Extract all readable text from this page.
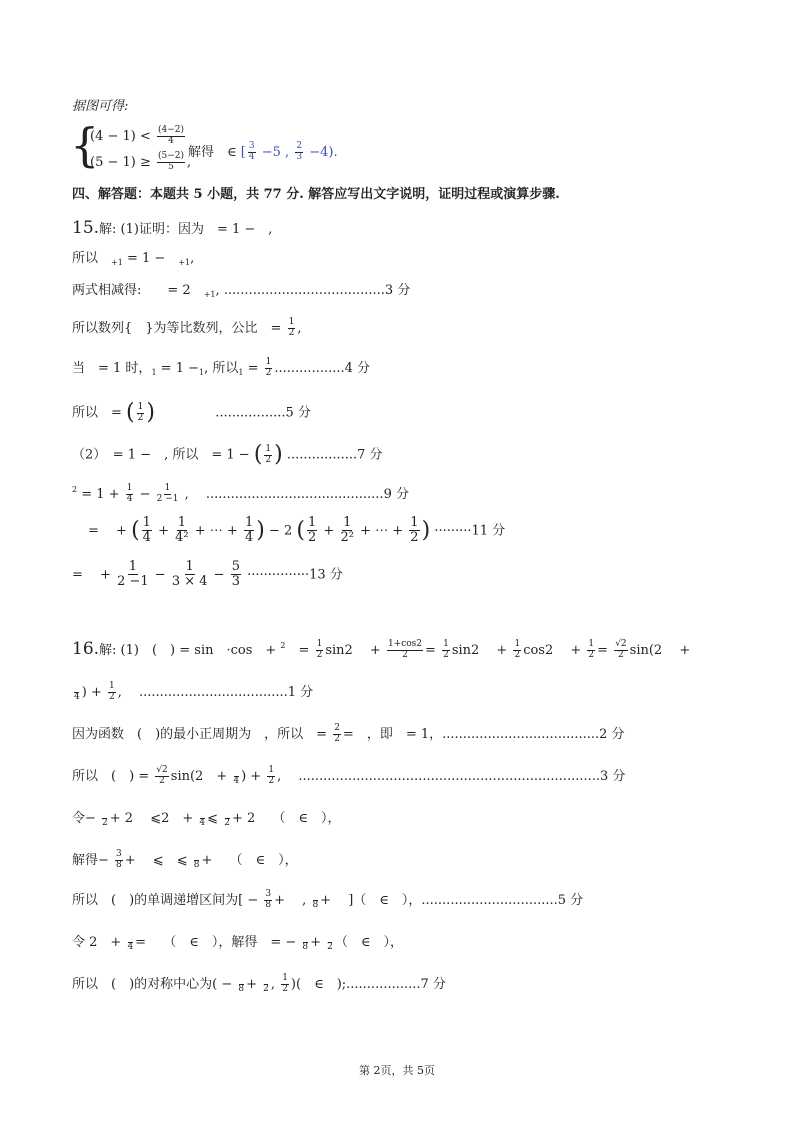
据图可得:
{
$(4 - 1) < \frac{(4-2)}{4}$
$(5 - 1) \ge \frac{(5-2)}{5}$ ,
解得　 ∈ [ $\frac{3}{4} -5$ , $\frac{2}{3} -4$).
四、解答题：本题共 5 小题，共 77 分. 解答应写出文字说明，证明过程或演算步骤.
15.解: (1)证明：因为　= 1 −　,
所以　 $_{+1}$ = 1 −　 $_{+1}$,
两式相减得:　　= 2　 $_{+1}$, .......................................3 分
所以数列{　}为等比数列，公比　= $\frac{1}{2}$ ,
当　= 1 时，$_1 = 1 -_1$, 所以$_1 = \frac{1}{2} .................4$ 分
所以　= ( $\frac{1}{2}$ ) 　　　　	.................5 分
（2）　= 1 −　, 所以　= 1 − ( $\frac{1}{2}$ ) .................7 分
$^2 = 1 + \frac{1}{4} - \frac{1}{2 -1}$ ,　 ...........................................9 分
=　 + ( $\frac{1}{4} + \frac{1}{\text{4²}}$ + ⋯ + $\frac{1}{4}$ ) − 2 ( $\frac{1}{2} + \frac{1}{\text{2²}}$ + ⋯ + $\frac{1}{2}$ ) ·········11 分
=　 + $\frac{1}{2 -1} - \frac{1}{3 \times 4} - \frac{5}{3} \cdot\cdot\cdot\cdot\cdot\cdot\cdot\cdot\cdot\cdot\cdot\cdot\cdot\cdot\cdot 13$ 分
16.解: (1)　(　) = sin　·cos　+ $^2$　 = $\frac{1}{2} \sin 2$　 + $\frac{1+\cos 2}{2} = \frac{1}{2} \sin 2$　 + $\frac{1}{2} \cos 2$　 + $\frac{1}{2} = \frac{√2}{2} \sin(2$　 +

4 ) + $\frac{1}{2}$ ,　 ....................................1 分
因为函数　(　)的最小正周期为　，所以　= $\frac{2}{2}$ =　，即　= 1，......................................2 分
所以　(　) = $\frac{√2}{2} \sin(2$　+
4 ) + $\frac{1}{2}$ ,　 .........................................................................3 分
令−
2 + 2　 ⩽2　+
4 ⩽
2 + 2　 （　∈　），
解得− $\frac{3}{8}$ +　 ⩽　⩽
8 +　 （　∈　），
所以　(　)的单调递增区间为[ − $\frac{3}{8}$ +　 ,
8 +　 ]（　∈　），.................................5 分
令 2　+
4 =　 （　∈　），解得　= −
8 +
2 （　∈　），
所以　(　)的对称中心为( −
8 +
2 , $\frac{1}{2}$ )(　∈　);..................7 分
第 2页，共 5页
